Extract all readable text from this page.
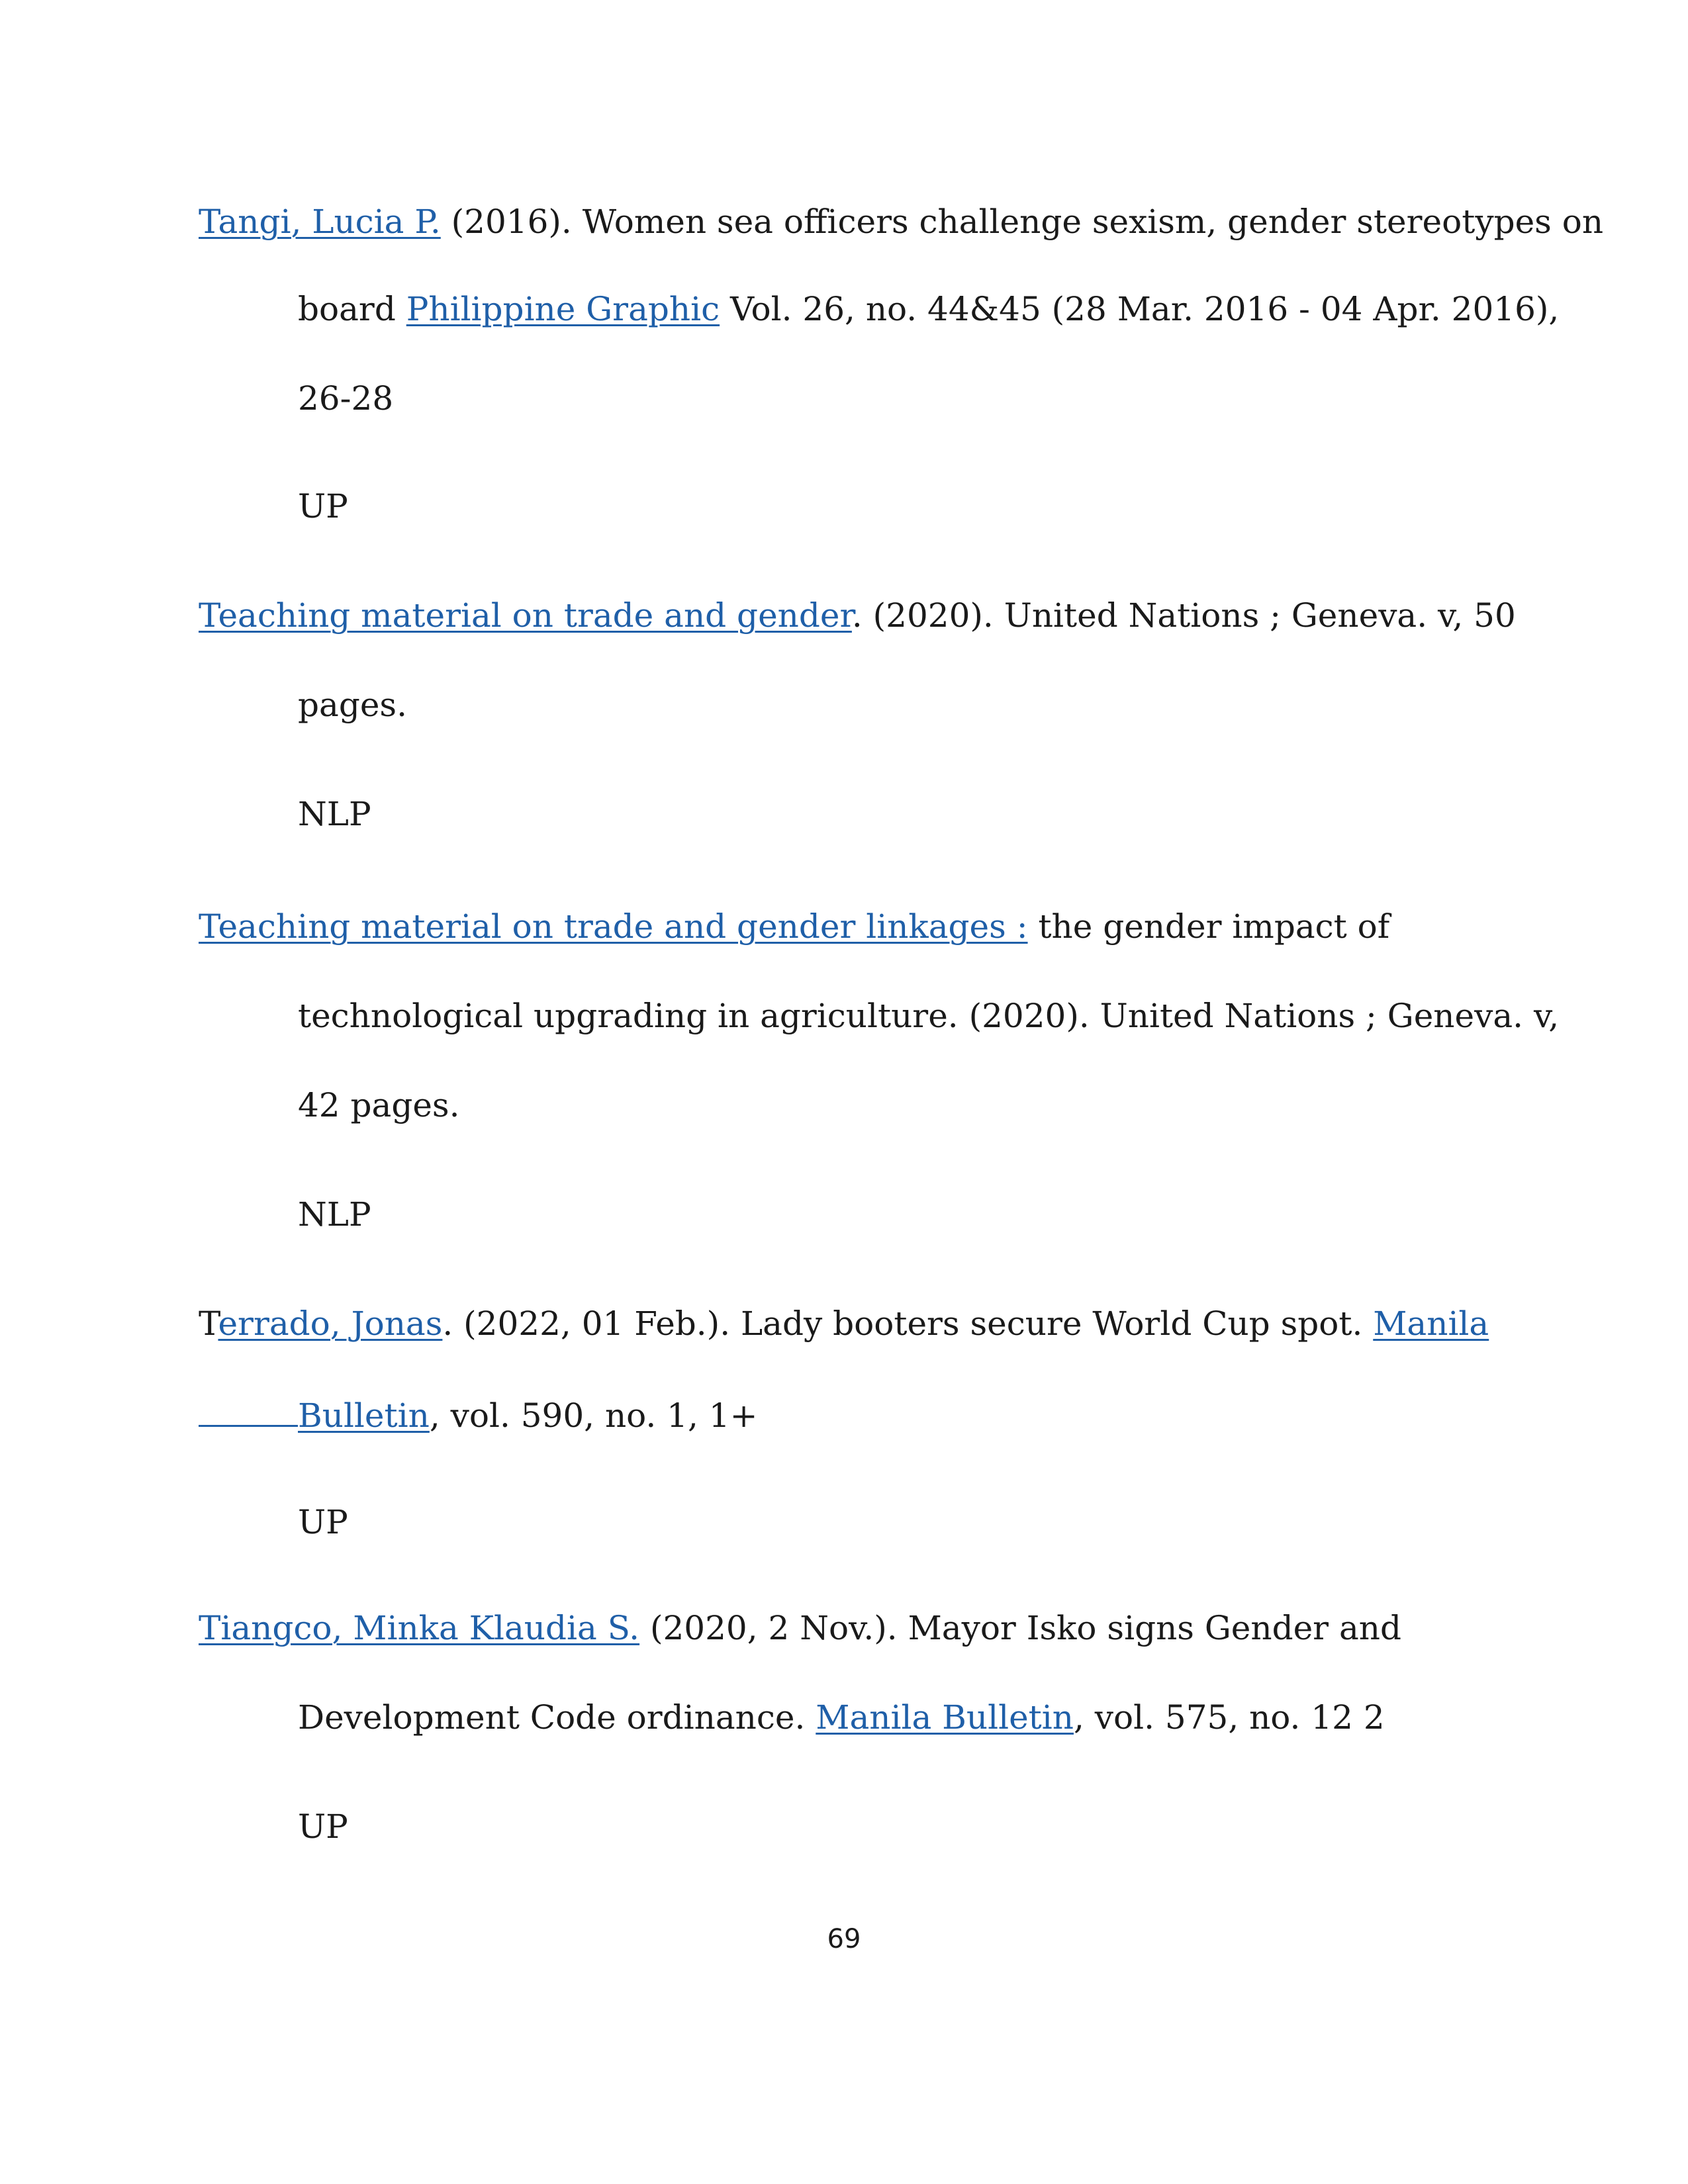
Tangi, Lucia P. (2016). Women sea officers challenge sexism, gender stereotypes on
board Philippine Graphic Vol. 26, no. 44&45 (28 Mar. 2016 - 04 Apr. 2016),
26-28
UP
Teaching material on trade and gender. (2020). United Nations ; Geneva. v, 50
pages.
NLP
Teaching material on trade and gender linkages : the gender impact of
technological upgrading in agriculture. (2020). United Nations ; Geneva. v,
42 pages.
NLP
Terrado, Jonas. (2022, 01 Feb.). Lady booters secure World Cup spot. Manila
Bulletin, vol. 590, no. 1, 1+
UP
Tiangco, Minka Klaudia S. (2020, 2 Nov.). Mayor Isko signs Gender and
Development Code ordinance. Manila Bulletin, vol. 575, no. 12 2
UP
69
